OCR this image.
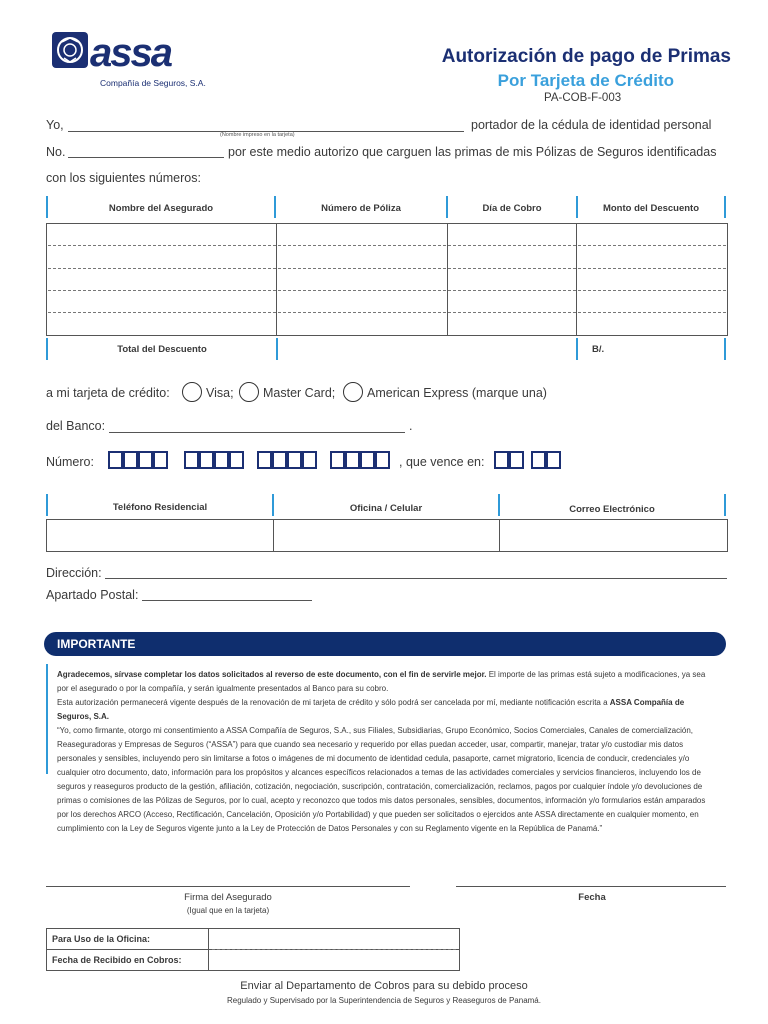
assa
Compañía de Seguros, S.A.
Autorización de pago de Primas
Por Tarjeta de Crédito
PA-COB-F-003
Yo,
(Nombre impreso en la tarjeta)
portador de la cédula de identidad personal
No.	por este medio autorizo que carguen las primas de mis Pólizas de Seguros identificadas
con los siguientes números:
Nombre del Asegurado	Número de Póliza	Día de Cobro	Monto del Descuento
Total del Descuento	B/.
a mi tarjeta de crédito:	Visa; Master Card;	American Express (marque una)
del Banco:	.
Número:	, que vence en:
Teléfono Residencial	Oficina / Celular	Correo Electrónico
Dirección:
Apartado Postal:
IMPORTANTE

Agradecemos, sírvase completar los datos solicitados al reverso de este documento, con el fin de servirle mejor. El importe de las primas está sujeto a modificaciones, ya sea por el asegurado o por la compañía, y serán igualmente presentados al Banco para su cobro.

Esta autorización permanecerá vigente después de la renovación de mi tarjeta de crédito y sólo podrá ser cancelada por mí, mediante notificación escrita a ASSA Compañía de Seguros, S.A.

“Yo, como firmante, otorgo mi consentimiento a ASSA Compañía de Seguros, S.A., sus Filiales, Subsidiarias, Grupo Económico, Socios Comerciales, Canales de comercialización, Reaseguradoras y Empresas de Seguros (“ASSA”) para que cuando sea necesario y requerido por ellas puedan acceder, usar, compartir, manejar, tratar y/o custodiar mis datos personales y sensibles, incluyendo pero sin limitarse a fotos o imágenes de mi documento de identidad cedula, pasaporte, carnet migratorio, licencia de conducir, credenciales y/o cualquier otro documento, dato, información para los propósitos y alcances específicos relacionados a temas de las actividades comerciales y servicios financieros, incluyendo los de seguros y reaseguros producto de la gestión, afiliación, cotización, negociación, suscripción, contratación, comercialización, reclamos, pagos por cualquier índole y/o devoluciones de primas o comisiones de las Pólizas de Seguros, por lo cual, acepto y reconozco que todos mis datos personales, sensibles, documentos, información y/o formularios están amparados por los derechos ARCO (Acceso, Rectificación, Cancelación, Oposición y/o Portabilidad) y que pueden ser solicitados o ejercidos ante ASSA directamente en cualquier momento, en cumplimiento con la Ley de Seguros vigente junto a la Ley de Protección de Datos Personales y con su Reglamento vigente en la República de Panamá.”

Firma del Asegurado
(Igual que en la tarjeta)
Fecha
Para Uso de la Oficina:
Fecha de Recibido en Cobros:
Enviar al Departamento de Cobros para su debido proceso
Regulado y Supervisado por la Superintendencia de Seguros y Reaseguros de Panamá.
